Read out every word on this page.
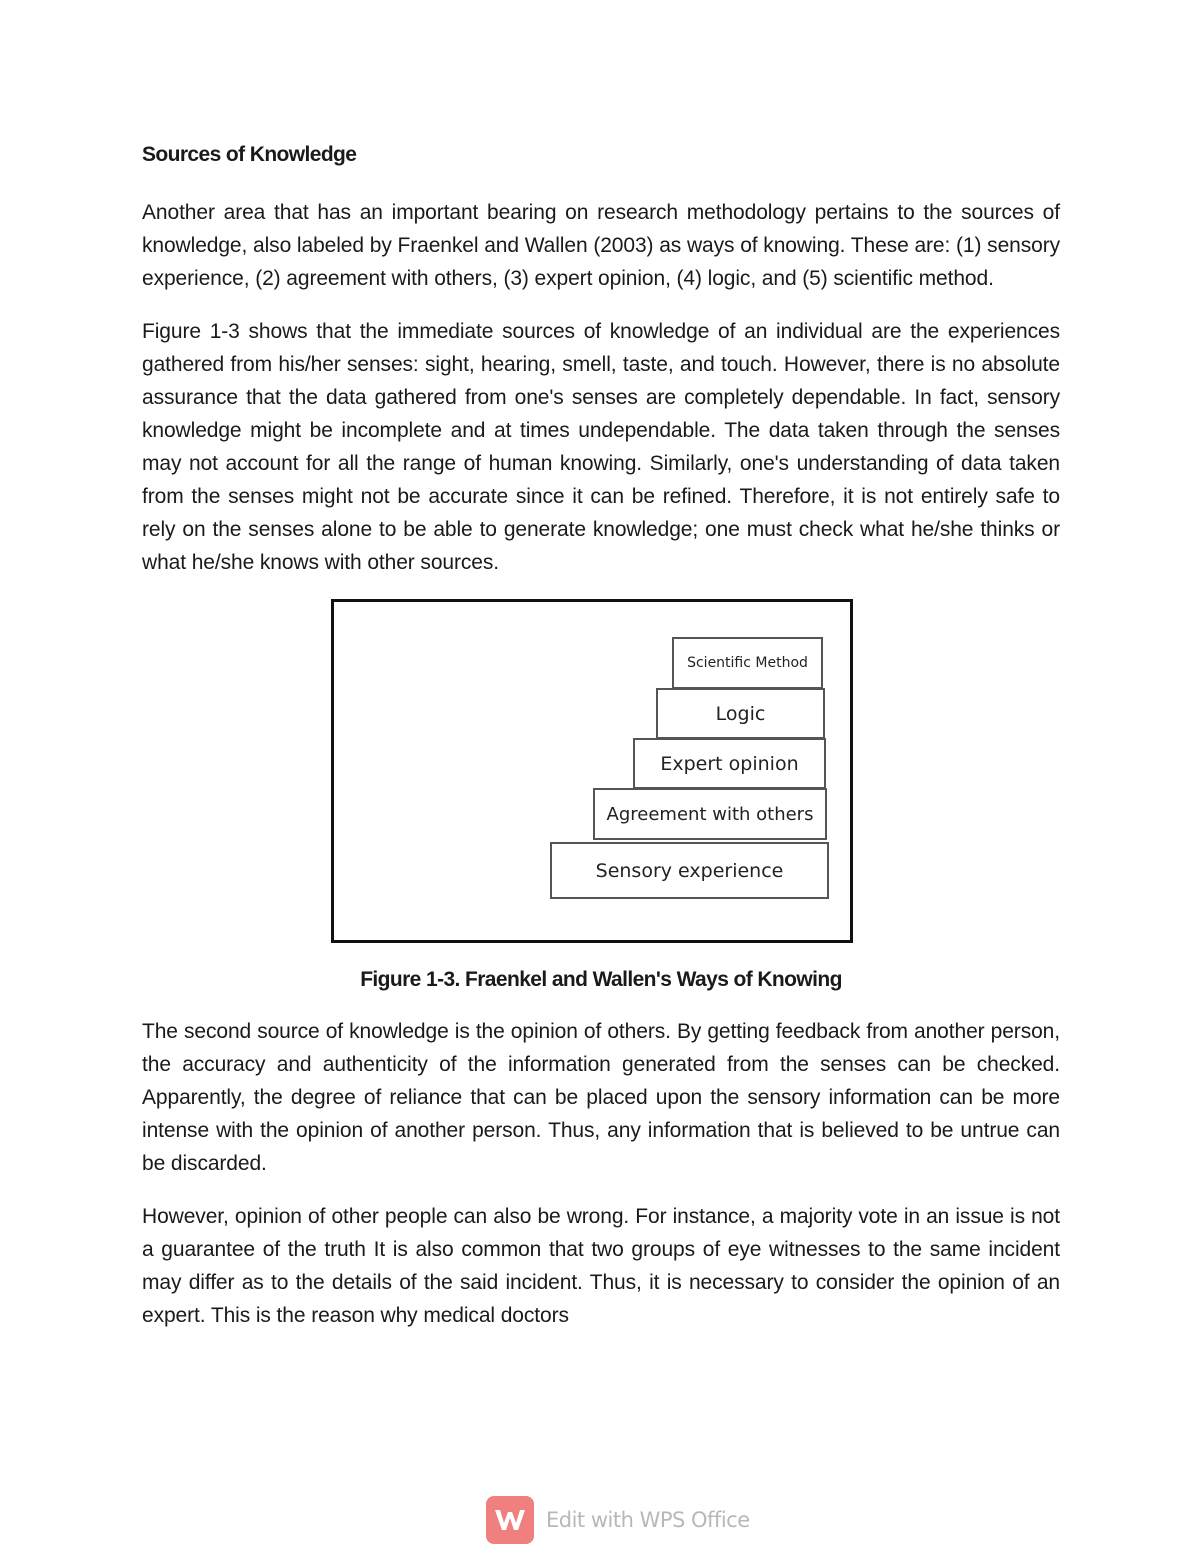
Sources of Knowledge

Another area that has an important bearing on research methodology pertains to the sources of knowledge, also labeled by Fraenkel and Wallen (2003) as ways of knowing. These are: (1) sensory experience, (2) agreement with others, (3) expert opinion, (4) logic, and (5) scientific method.

Figure 1-3 shows that the immediate sources of knowledge of an individual are the experiences gathered from his/her senses: sight, hearing, smell, taste, and touch. However, there is no absolute assurance that the data gathered from one's senses are completely dependable. In fact, sensory knowledge might be incomplete and at times undependable. The data taken through the senses may not account for all the range of human knowing. Similarly, one's understanding of data taken from the senses might not be accurate since it can be refined. Therefore, it is not entirely safe to rely on the senses alone to be able to generate knowledge; one must check what he/she thinks or what he/she knows with other sources.

Scientific Method
Logic
Expert opinion
Agreement with others
Sensory experience
Figure 1-3. Fraenkel and Wallen's Ways of Knowing

The second source of knowledge is the opinion of others. By getting feedback from another person, the accuracy and authenticity of the information generated from the senses can be checked. Apparently, the degree of reliance that can be placed upon the sensory information can be more intense with the opinion of another person. Thus, any information that is believed to be untrue can be discarded.

However, opinion of other people can also be wrong. For instance, a majority vote in an issue is not a guarantee of the truth It is also common that two groups of eye witnesses to the same incident may differ as to the details of the said incident. Thus, it is necessary to consider the opinion of an expert. This is the reason why medical doctors

Edit with WPS Office
